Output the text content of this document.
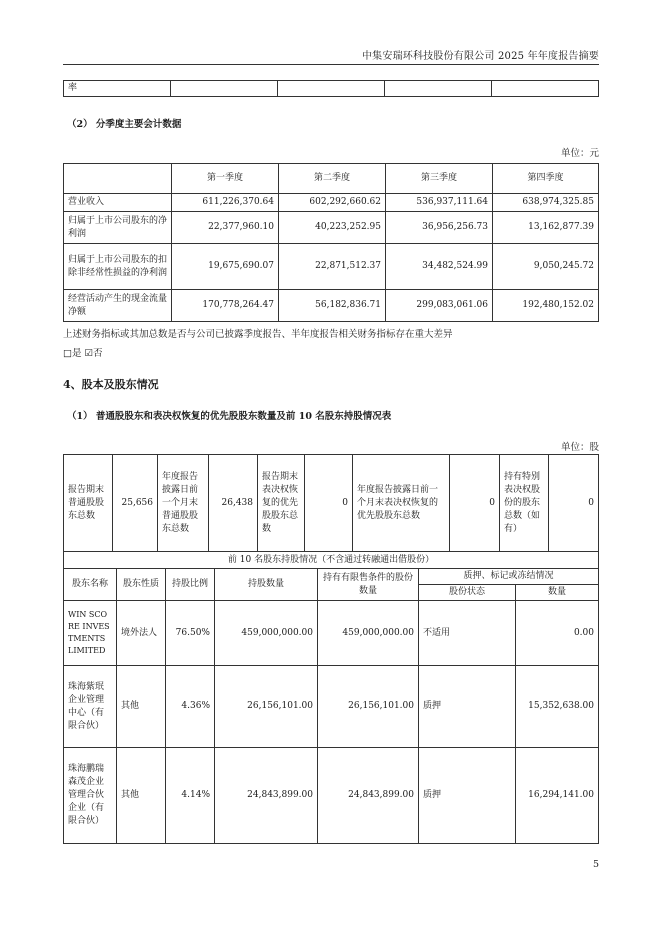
中集安瑞环科技股份有限公司 2025 年年度报告摘要
率				
（2） 分季度主要会计数据
单位：元
	第一季度	第二季度	第三季度	第四季度
营业收入	611,226,370.64	602,292,660.62	536,937,111.64	638,974,325.85
归属于上市公司股东的净利润	22,377,960.10	40,223,252.95	36,956,256.73	13,162,877.39
归属于上市公司股东的扣除非经常性损益的净利润	19,675,690.07	22,871,512.37	34,482,524.99	9,050,245.72
经营活动产生的现金流量净额	170,778,264.47	56,182,836.71	299,083,061.06	192,480,152.02
上述财务指标或其加总数是否与公司已披露季度报告、半年度报告相关财务指标存在重大差异
□是 ☑否
4、股本及股东情况
（1） 普通股股东和表决权恢复的优先股股东数量及前 10 名股东持股情况表
单位：股
报告期末普通股股东总数	25,656	年度报告披露日前一个月末普通股股东总数	26,438	报告期末表决权恢复的优先股股东总数	0	年度报告披露日前一个月末表决权恢复的优先股股东总数	0	持有特别表决权股份的股东总数（如有）	0
前 10 名股东持股情况（不含通过转融通出借股份）						
股东名称	股东性质	持股比例	持股数量	持有有限售条件的股份数量	质押、标记或冻结情况	
					股份状态	数量
WIN SCORE INVESTMENTS LIMITED	境外法人	76.50%	459,000,000.00	459,000,000.00	不适用	0.00
珠海紫珉企业管理中心（有限合伙）	其他	4.36%	26,156,101.00	26,156,101.00	质押	15,352,638.00
珠海鹏瑞森茂企业管理合伙企业（有限合伙）	其他	4.14%	24,843,899.00	24,843,899.00	质押	16,294,141.00
5
